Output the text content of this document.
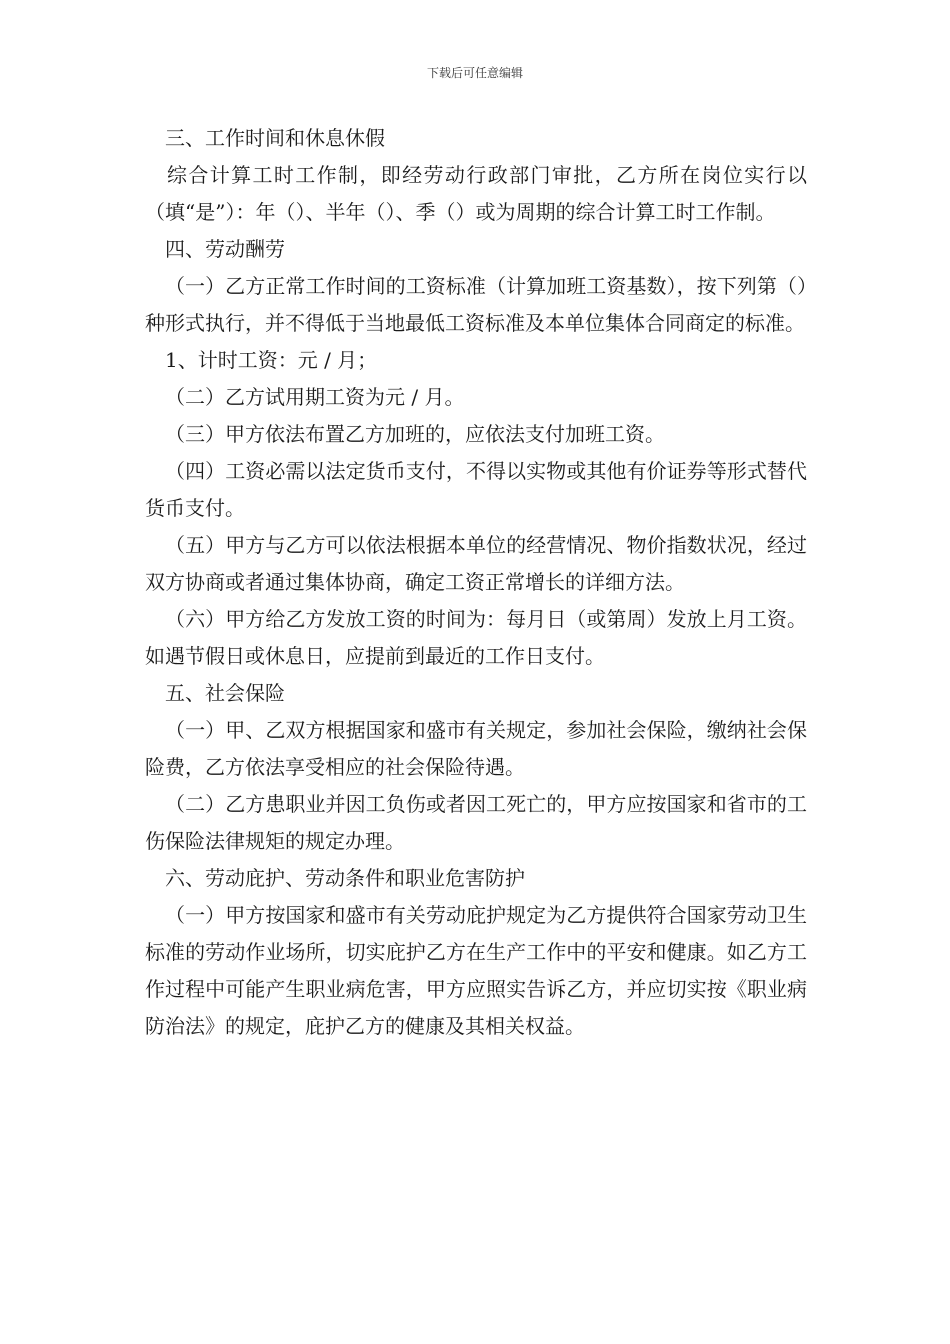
下载后可任意编辑

三、工作时间和休息休假

综合计算工时工作制，即经劳动行政部门审批，乙方所在岗位实行以（填“是”）：年（）、半年（）、季（）或为周期的综合计算工时工作制。

四、劳动酬劳

（一）乙方正常工作时间的工资标准（计算加班工资基数），按下列第（）种形式执行，并不得低于当地最低工资标准及本单位集体合同商定的标准。

1、计时工资：元 / 月；

（二）乙方试用期工资为元 / 月。

（三）甲方依法布置乙方加班的，应依法支付加班工资。

（四）工资必需以法定货币支付，不得以实物或其他有价证券等形式替代货币支付。

（五）甲方与乙方可以依法根据本单位的经营情况、物价指数状况，经过双方协商或者通过集体协商，确定工资正常增长的详细方法。

（六）甲方给乙方发放工资的时间为：每月日（或第周）发放上月工资。如遇节假日或休息日，应提前到最近的工作日支付。

五、社会保险

（一）甲、乙双方根据国家和盛市有关规定，参加社会保险，缴纳社会保险费，乙方依法享受相应的社会保险待遇。

（二）乙方患职业并因工负伤或者因工死亡的，甲方应按国家和省市的工伤保险法律规矩的规定办理。

六、劳动庇护、劳动条件和职业危害防护

（一）甲方按国家和盛市有关劳动庇护规定为乙方提供符合国家劳动卫生标准的劳动作业场所，切实庇护乙方在生产工作中的平安和健康。如乙方工作过程中可能产生职业病危害，甲方应照实告诉乙方，并应切实按《职业病防治法》的规定，庇护乙方的健康及其相关权益。
